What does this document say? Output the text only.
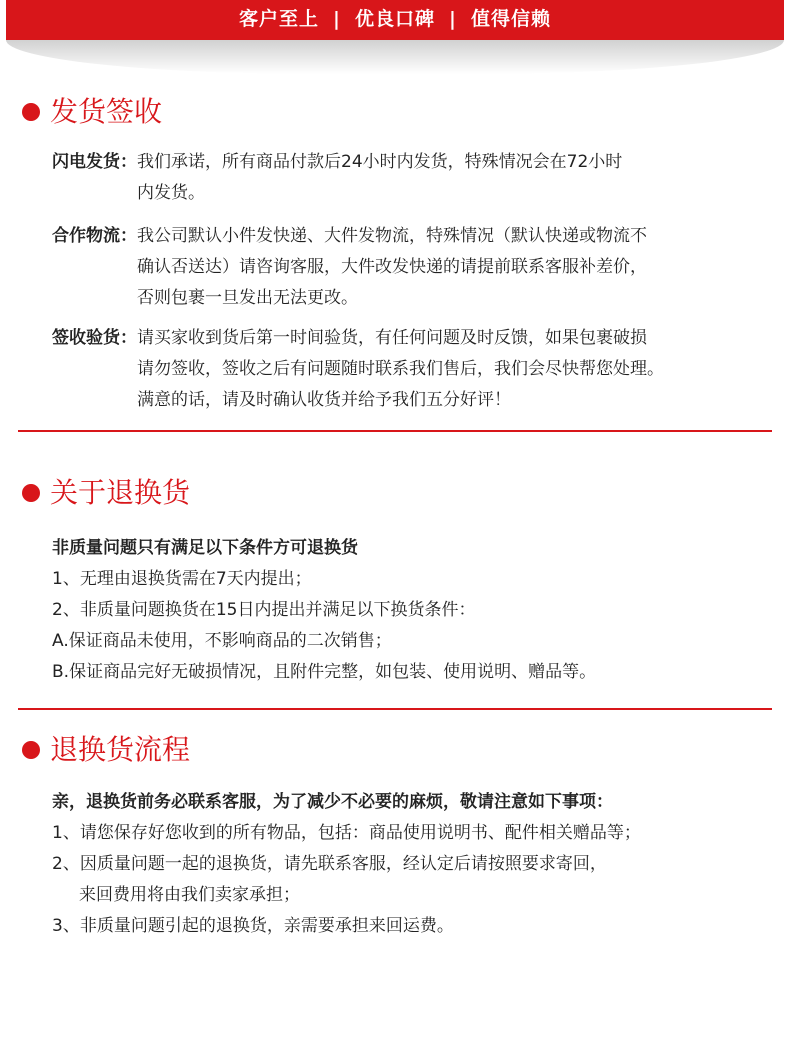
客户至上 | 优良口碑 | 值得信赖
发货签收
闪电发货： 我们承诺，所有商品付款后24小时内发货，特殊情况会在72小时
内发货。
合作物流： 我公司默认小件发快递、大件发物流，特殊情况（默认快递或物流不
确认否送达）请咨询客服，大件改发快递的请提前联系客服补差价，
否则包裹一旦发出无法更改。
签收验货： 请买家收到货后第一时间验货，有任何问题及时反馈，如果包裹破损
请勿签收，签收之后有问题随时联系我们售后，我们会尽快帮您处理。
满意的话，请及时确认收货并给予我们五分好评！
关于退换货
非质量问题只有满足以下条件方可退换货
1、无理由退换货需在7天内提出；
2、非质量问题换货在15日内提出并满足以下换货条件：
A.保证商品未使用，不影响商品的二次销售；
B.保证商品完好无破损情况，且附件完整，如包装、使用说明、赠品等。
退换货流程
亲，退换货前务必联系客服，为了减少不必要的麻烦，敬请注意如下事项：
1、请您保存好您收到的所有物品，包括：商品使用说明书、配件相关赠品等；
2、因质量问题一起的退换货，请先联系客服，经认定后请按照要求寄回，
来回费用将由我们卖家承担；
3、非质量问题引起的退换货，亲需要承担来回运费。
